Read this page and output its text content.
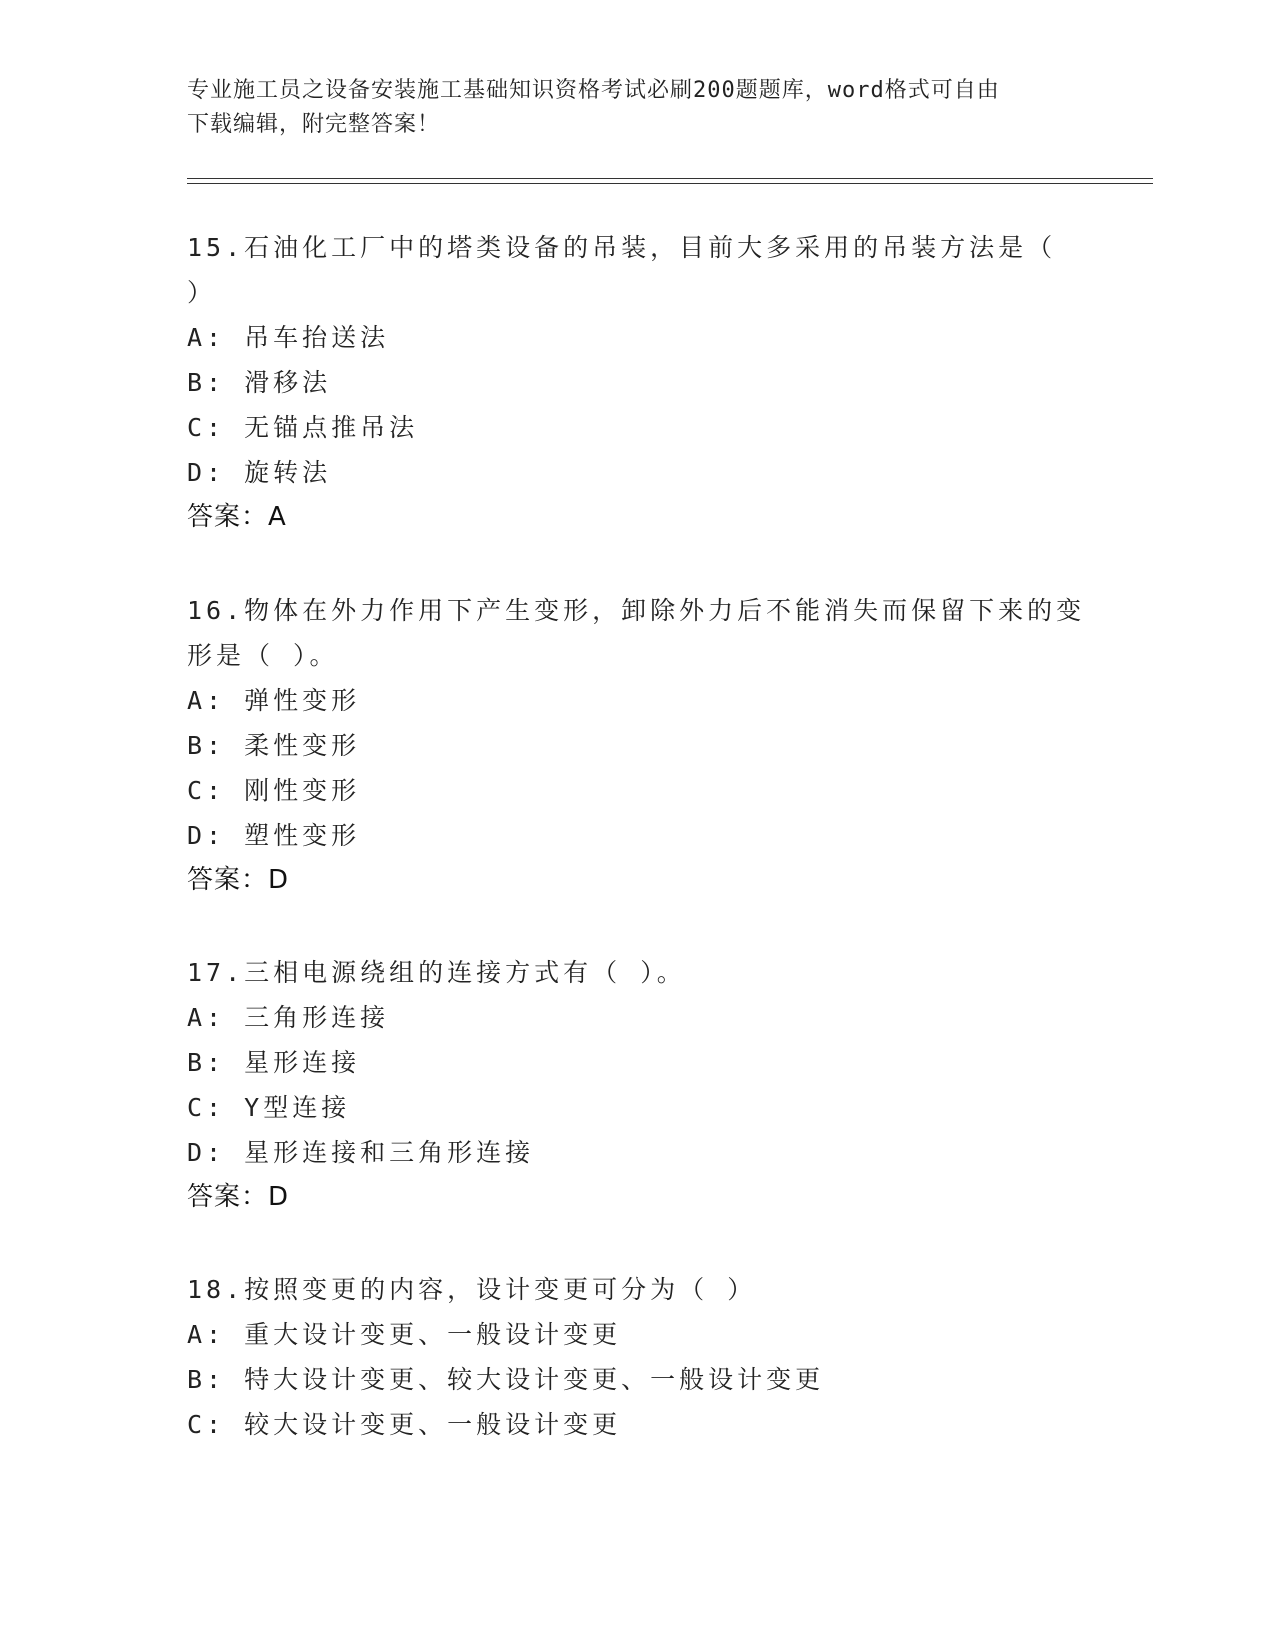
专业施工员之设备安装施工基础知识资格考试必刷200题题库，word格式可自由
下载编辑，附完整答案！

15.石油化工厂中的塔类设备的吊装，目前大多采用的吊装方法是（

）

A: 吊车抬送法

B: 滑移法

C: 无锚点推吊法

D: 旋转法

答案：A

16.物体在外力作用下产生变形，卸除外力后不能消失而保留下来的变

形是（ ）。

A: 弹性变形

B: 柔性变形

C: 刚性变形

D: 塑性变形

答案：D

17.三相电源绕组的连接方式有（ ）。

A: 三角形连接

B: 星形连接

C: Y型连接

D: 星形连接和三角形连接

答案：D

18.按照变更的内容，设计变更可分为（ ）

A: 重大设计变更、一般设计变更

B: 特大设计变更、较大设计变更、一般设计变更

C: 较大设计变更、一般设计变更
